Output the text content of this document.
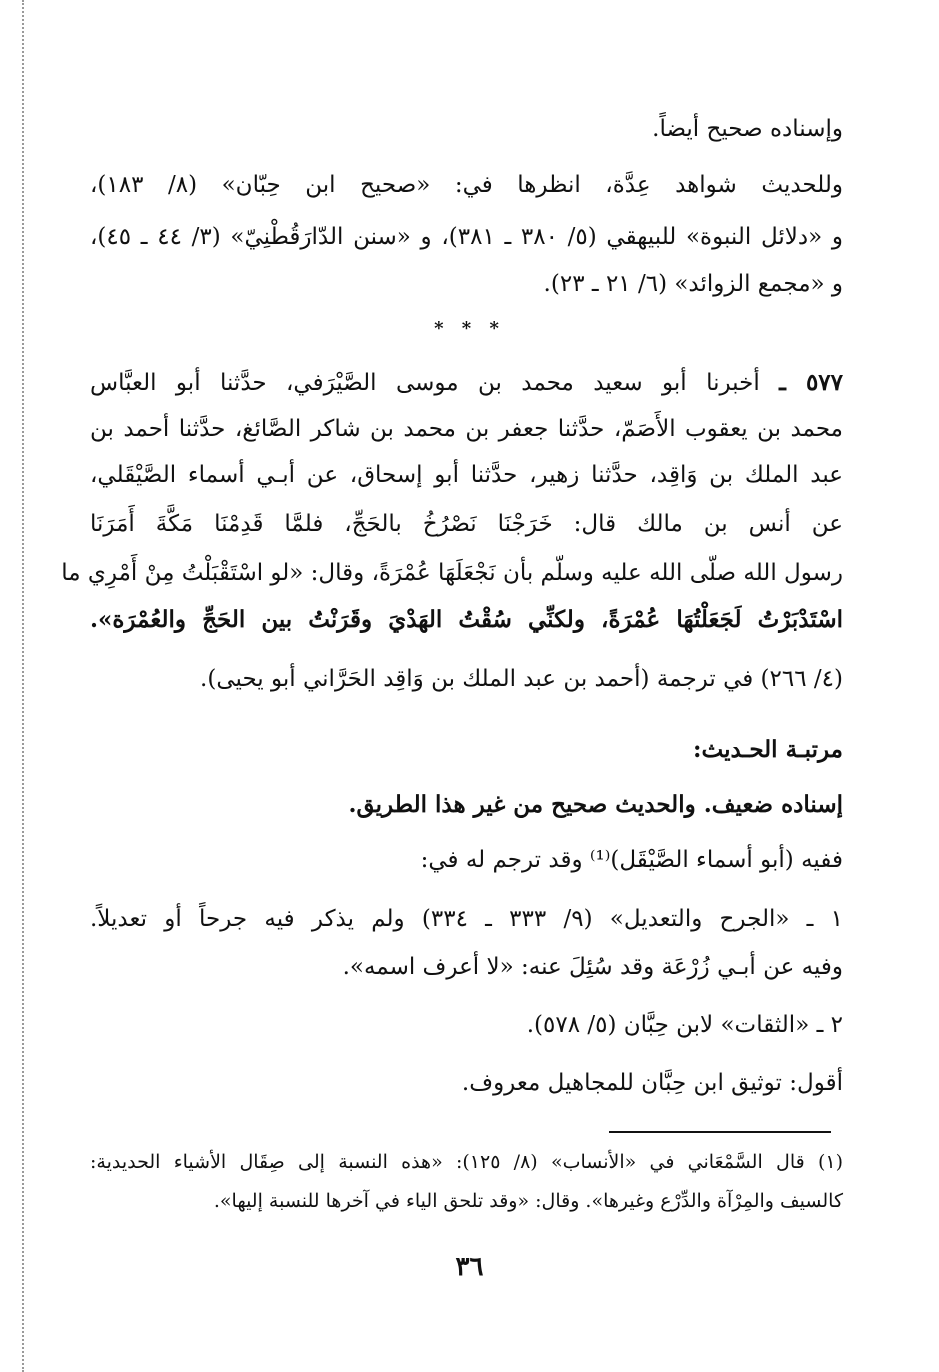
وإسناده صحيح أيضاً.
وللحديث شواهد عِدَّة، انظرها في: «صحيح ابن حِبّان» (٨/ ١٨٣)،
و «دلائل النبوة» للبيهقي (٥/ ٣٨٠ ـ ٣٨١)، و «سنن الدّارَقُطْنِيّ» (٣/ ٤٤ ـ ٤٥)،
و «مجمع الزوائد» (٦/ ٢١ ـ ٢٣).
* * *
٥٧٧ ـ أخبرنا أبو سعيد محمد بن موسى الصَّيْرَفي، حدَّثنا أبو العبَّاس
محمد بن يعقوب الأَصَمّ، حدَّثنا جعفر بن محمد بن شاكر الصَّائغ، حدَّثنا أحمد بن
عبد الملك بن وَاقِد، حدَّثنا زهير، حدَّثنا أبو إسحاق، عن أبـي أسماء الصَّيْقَلي،
عن أنس بن مالك قال: خَرَجْنَا نَصْرُخُ بالحَجِّ، فلمَّا قَدِمْنَا مَكَّةَ أَمَرَنَا
رسول الله صلّى الله عليه وسلّم بأن نَجْعَلَهَا عُمْرَةً، وقال: «لو اسْتَقْبَلْتُ مِنْ أَمْرِي ما
اسْتَدْبَرْتُ لَجَعَلْتُهَا عُمْرَةً، ولكنِّي سُقْتُ الهَدْيَ وقَرَنْتُ بين الحَجِّ والعُمْرَة».
(٤/ ٢٦٦) في ترجمة (أحمد بن عبد الملك بن وَاقِد الحَرَّاني أبو يحيى).
مرتبـة الحـديث:
إسناده ضعيف. والحديث صحيح من غير هذا الطريق.
ففيه (أبو أسماء الصَّيْقَل)⁽¹⁾ وقد ترجم له في:
١ ـ «الجرح والتعديل» (٩/ ٣٣٣ ـ ٣٣٤) ولم يذكر فيه جرحاً أو تعديلاً.
وفيه عن أبـي زُرْعَة وقد سُئِلَ عنه: «لا أعرف اسمه».
٢ ـ «الثقات» لابن حِبَّان (٥/ ٥٧٨).
أقول: توثيق ابن حِبَّان للمجاهيل معروف.
(١) قال السَّمْعَاني في «الأنساب» (٨/ ١٢٥): «هذه النسبة إلى صِقَال الأشياء الحديدية:
كالسيف والمِرْآة والدِّرْع وغيرها». وقال: «وقد تلحق الياء في آخرها للنسبة إليها».
٣٦
